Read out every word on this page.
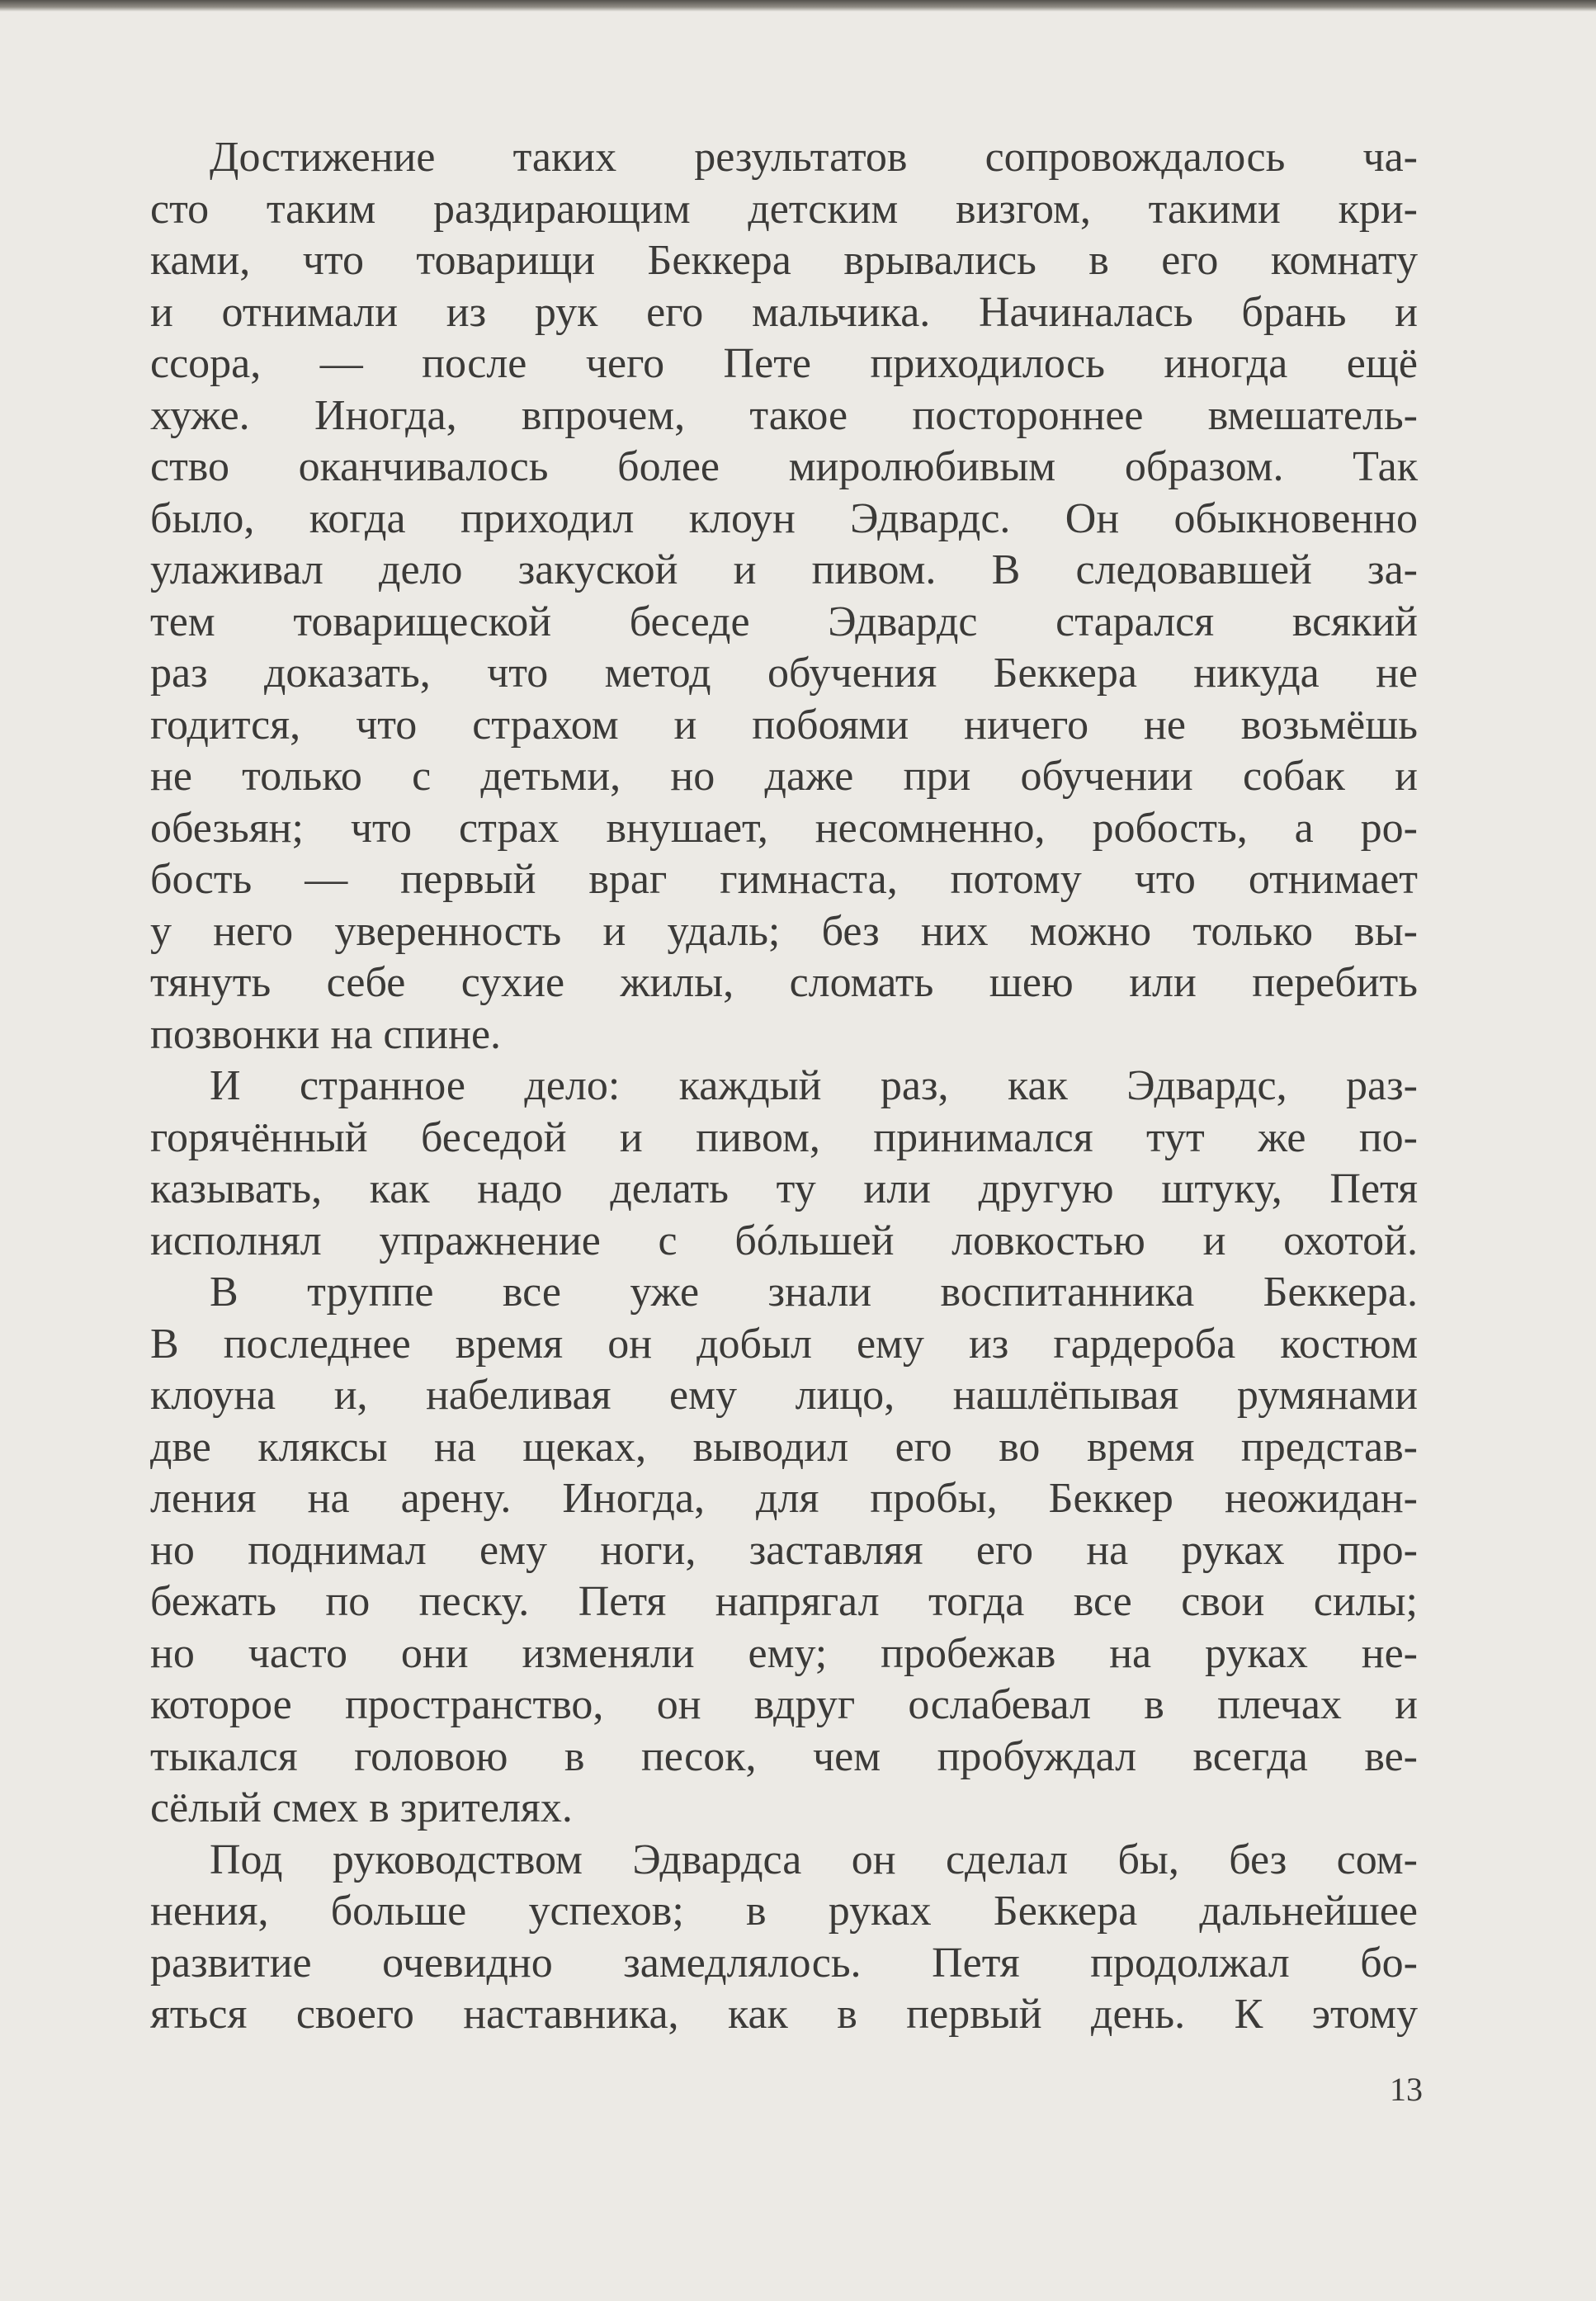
Достижение таких результатов сопровождалось ча-
сто таким раздирающим детским визгом, такими кри-
ками, что товарищи Беккера врывались в его комнату
и отнимали из рук его мальчика. Начиналась брань и
ссора, — после чего Пете приходилось иногда ещё
хуже. Иногда, впрочем, такое постороннее вмешатель-
ство оканчивалось более миролюбивым образом. Так
было, когда приходил клоун Эдвардс. Он обыкновенно
улаживал дело закуской и пивом. В следовавшей за-
тем товарищеской беседе Эдвардс старался всякий
раз доказать, что метод обучения Беккера никуда не
годится, что страхом и побоями ничего не возьмёшь
не только с детьми, но даже при обучении собак и
обезьян; что страх внушает, несомненно, робость, а ро-
бость — первый враг гимнаста, потому что отнимает
у него уверенность и удаль; без них можно только вы-
тянуть себе сухие жилы, сломать шею или перебить
позвонки на спине.

И странное дело: каждый раз, как Эдвардс, раз-
горячённый беседой и пивом, принимался тут же по-
казывать, как надо делать ту или другую штуку, Петя
исполнял упражнение с бóльшей ловкостью и охотой.

В труппе все уже знали воспитанника Беккера.
В последнее время он добыл ему из гардероба костюм
клоуна и, набеливая ему лицо, нашлёпывая румянами
две кляксы на щеках, выводил его во время представ-
ления на арену. Иногда, для пробы, Беккер неожидан-
но поднимал ему ноги, заставляя его на руках про-
бежать по песку. Петя напрягал тогда все свои силы;
но часто они изменяли ему; пробежав на руках не-
которое пространство, он вдруг ослабевал в плечах и
тыкался головою в песок, чем пробуждал всегда ве-
сёлый смех в зрителях.

Под руководством Эдвардса он сделал бы, без сом-
нения, больше успехов; в руках Беккера дальнейшее
развитие очевидно замедлялось. Петя продолжал бо-
яться своего наставника, как в первый день. К этому

13
